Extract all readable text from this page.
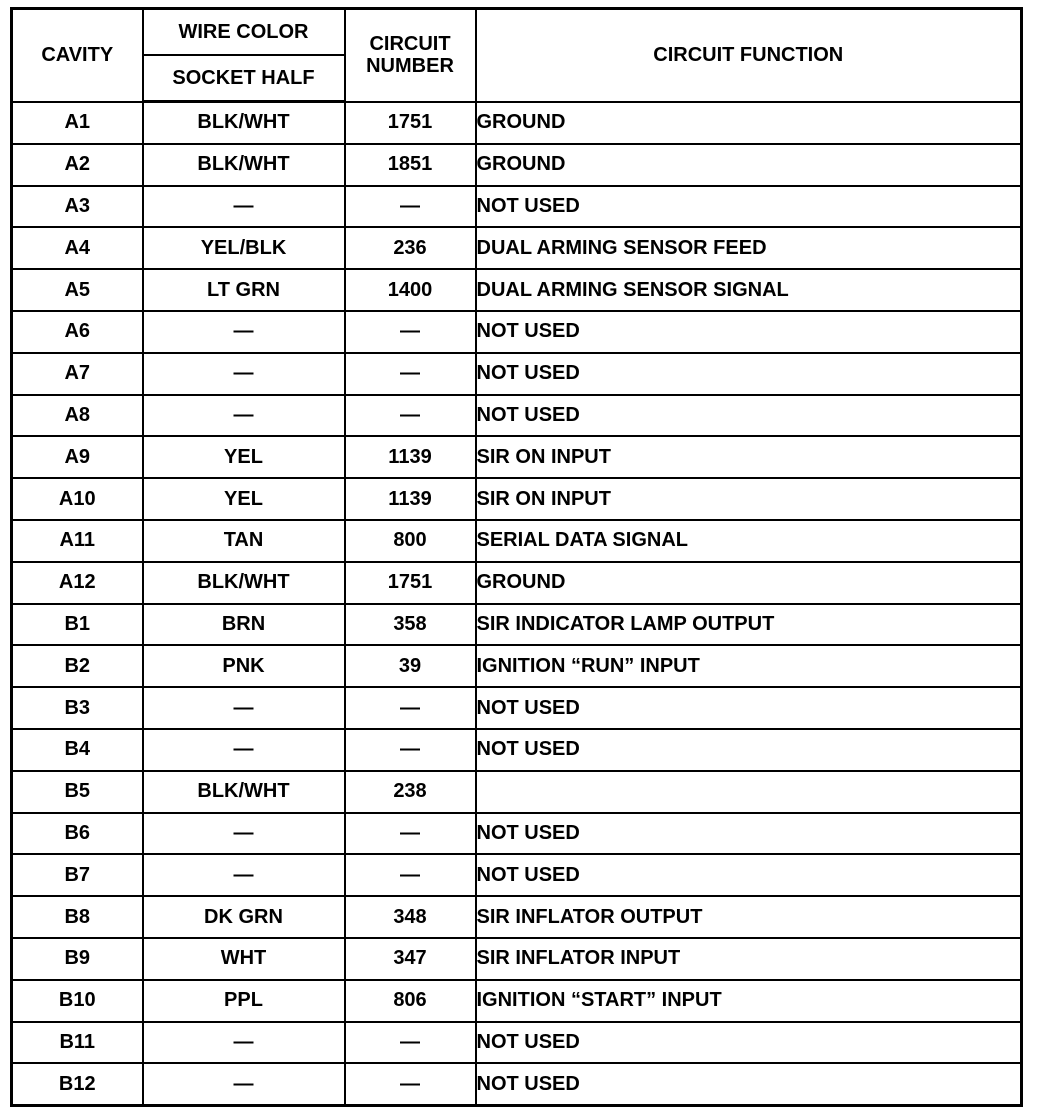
CAVITY	WIRE COLOR	CIRCUIT NUMBER	CIRCUIT FUNCTION
	SOCKET HALF		
A1	BLK/WHT	1751	GROUND
A2	BLK/WHT	1851	GROUND
A3	—	—	NOT USED
A4	YEL/BLK	236	DUAL ARMING SENSOR FEED
A5	LT GRN	1400	DUAL ARMING SENSOR SIGNAL
A6	—	—	NOT USED
A7	—	—	NOT USED
A8	—	—	NOT USED
A9	YEL	1139	SIR ON INPUT
A10	YEL	1139	SIR ON INPUT
A11	TAN	800	SERIAL DATA SIGNAL
A12	BLK/WHT	1751	GROUND
B1	BRN	358	SIR INDICATOR LAMP OUTPUT
B2	PNK	39	IGNITION “RUN” INPUT
B3	—	—	NOT USED
B4	—	—	NOT USED
B5	BLK/WHT	238	
B6	—	—	NOT USED
B7	—	—	NOT USED
B8	DK GRN	348	SIR INFLATOR OUTPUT
B9	WHT	347	SIR INFLATOR INPUT
B10	PPL	806	IGNITION “START” INPUT
B11	—	—	NOT USED
B12	—	—	NOT USED
